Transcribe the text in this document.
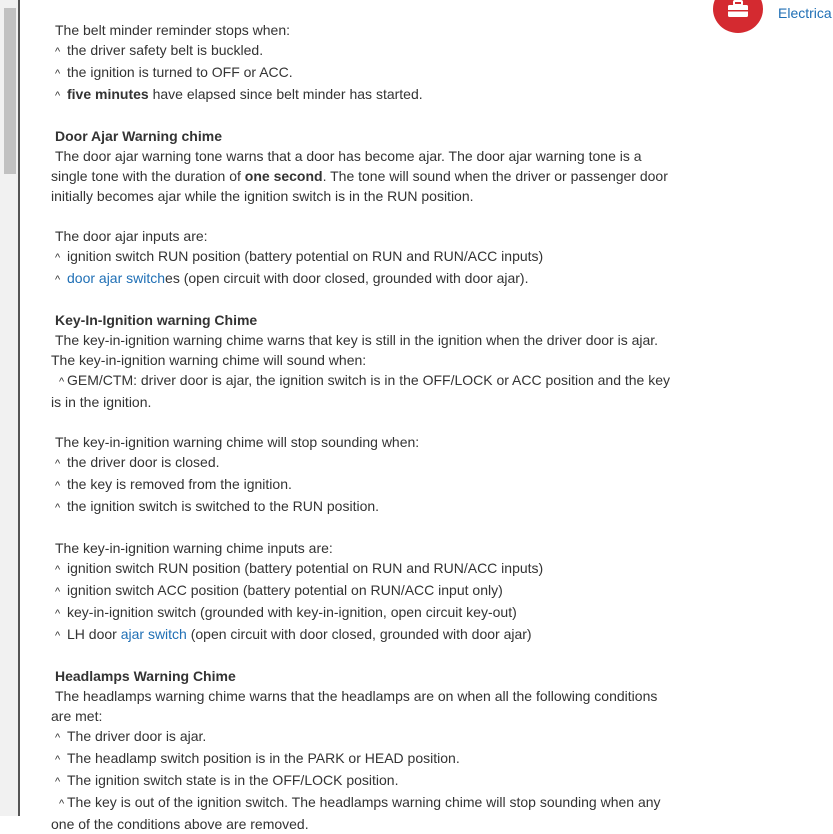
Electrica

The belt minder reminder stops when:

^ the driver safety belt is buckled.

^ the ignition is turned to OFF or ACC.

^ five minutes have elapsed since belt minder has started.

Door Ajar Warning chime

The door ajar warning tone warns that a door has become ajar. The door ajar warning tone is a single tone with the duration of one second. The tone will sound when the driver or passenger door initially becomes ajar while the ignition switch is in the RUN position.

The door ajar inputs are:

^ ignition switch RUN position (battery potential on RUN and RUN/ACC inputs)

^ door ajar switches (open circuit with door closed, grounded with door ajar).

Key-In-Ignition warning Chime

The key-in-ignition warning chime warns that key is still in the ignition when the driver door is ajar. The key-in-ignition warning chime will sound when:

^ GEM/CTM: driver door is ajar, the ignition switch is in the OFF/LOCK or ACC position and the key is in the ignition.

The key-in-ignition warning chime will stop sounding when:

^ the driver door is closed.

^ the key is removed from the ignition.

^ the ignition switch is switched to the RUN position.

The key-in-ignition warning chime inputs are:

^ ignition switch RUN position (battery potential on RUN and RUN/ACC inputs)

^ ignition switch ACC position (battery potential on RUN/ACC input only)

^ key-in-ignition switch (grounded with key-in-ignition, open circuit key-out)

^ LH door ajar switch (open circuit with door closed, grounded with door ajar)

Headlamps Warning Chime

The headlamps warning chime warns that the headlamps are on when all the following conditions are met:

^ The driver door is ajar.

^ The headlamp switch position is in the PARK or HEAD position.

^ The ignition switch state is in the OFF/LOCK position.

^ The key is out of the ignition switch. The headlamps warning chime will stop sounding when any one of the conditions above are removed.
